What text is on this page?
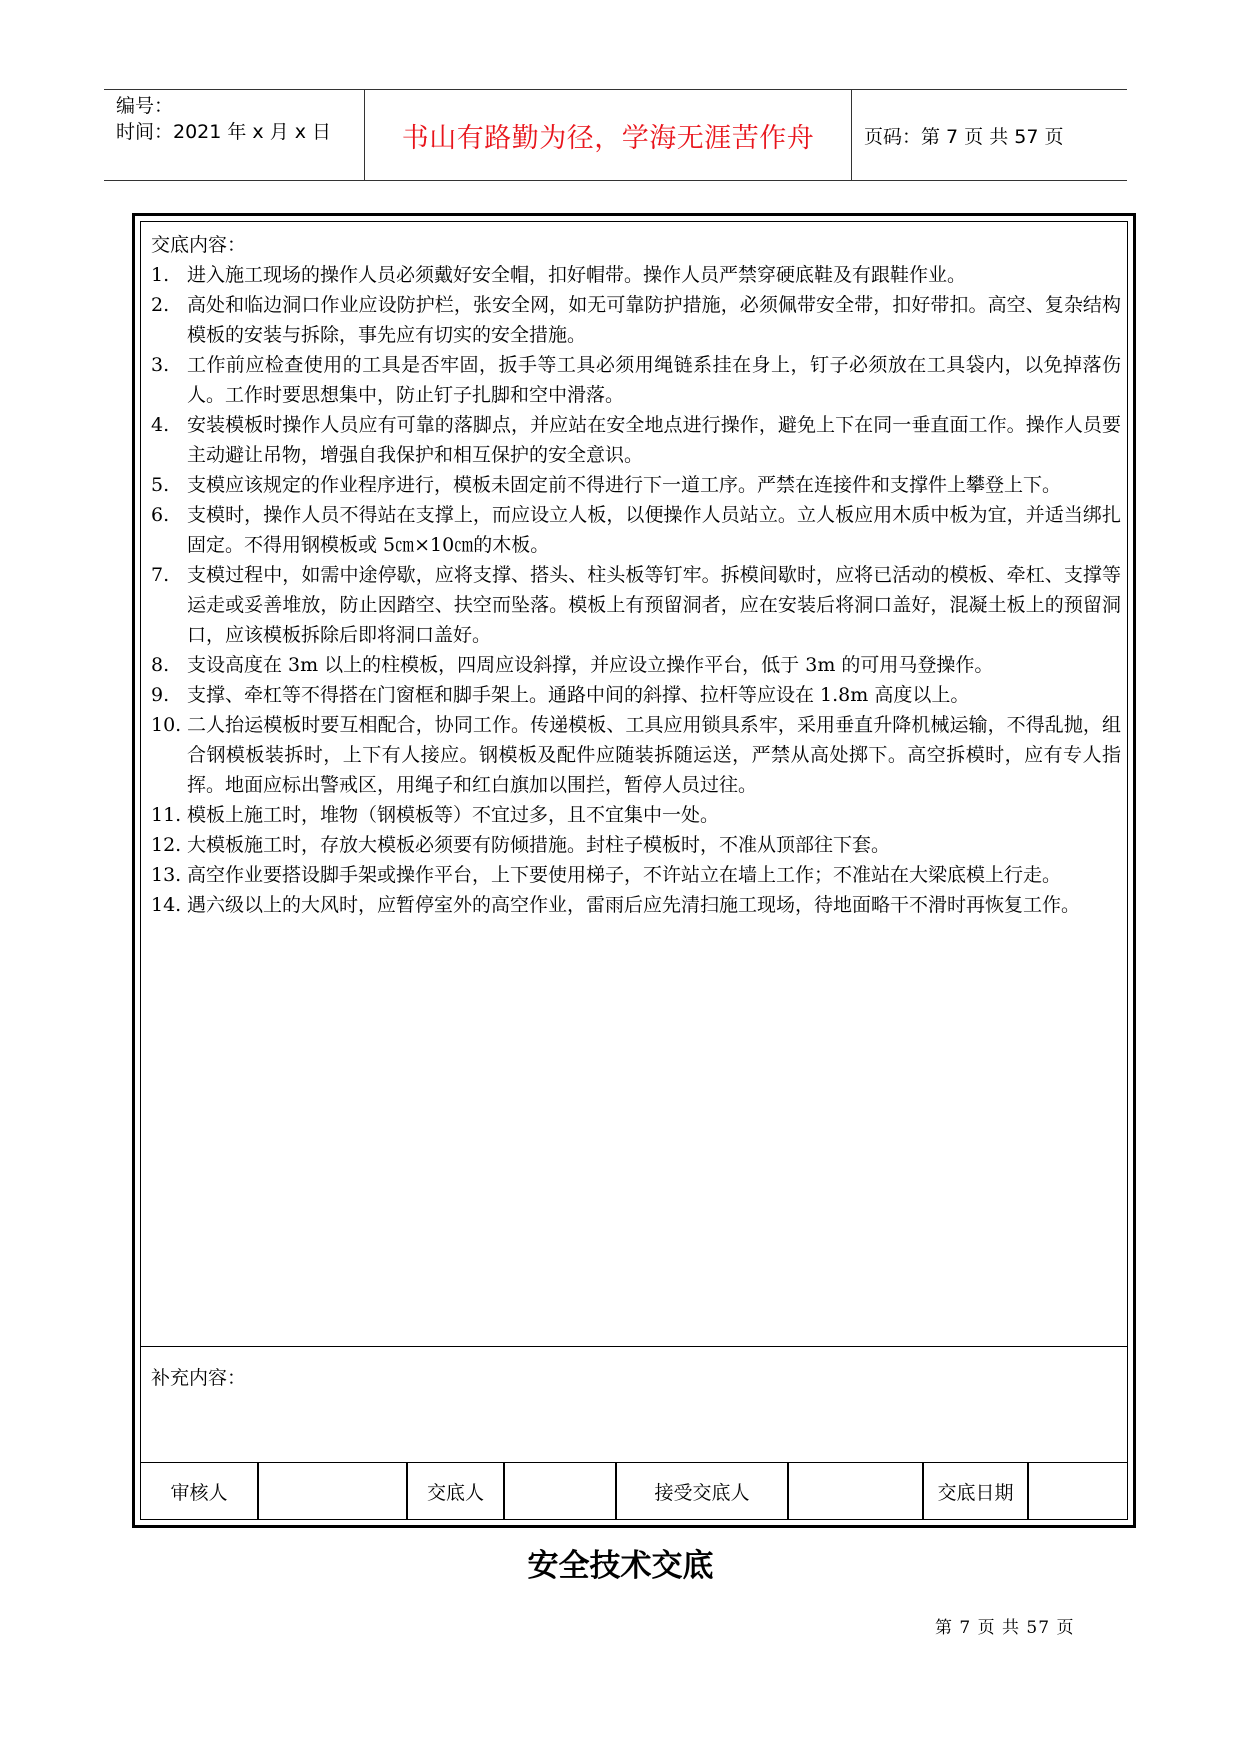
编号：
时间：2021 年 x 月 x 日	书山有路勤为径，学海无涯苦作舟	页码：第 7 页 共 57 页
交底内容：
1. 进入施工现场的操作人员必须戴好安全帽，扣好帽带。操作人员严禁穿硬底鞋及有跟鞋作业。
2. 高处和临边洞口作业应设防护栏，张安全网，如无可靠防护措施，必须佩带安全带，扣好带扣。高空、复杂结构模板的安装与拆除，事先应有切实的安全措施。
3. 工作前应检查使用的工具是否牢固，扳手等工具必须用绳链系挂在身上，钉子必须放在工具袋内，以免掉落伤人。工作时要思想集中，防止钉子扎脚和空中滑落。
4. 安装模板时操作人员应有可靠的落脚点，并应站在安全地点进行操作，避免上下在同一垂直面工作。操作人员要主动避让吊物，增强自我保护和相互保护的安全意识。
5. 支模应该规定的作业程序进行，模板未固定前不得进行下一道工序。严禁在连接件和支撑件上攀登上下。
6. 支模时，操作人员不得站在支撑上，而应设立人板，以便操作人员站立。立人板应用木质中板为宜，并适当绑扎固定。不得用钢模板或 5㎝×10㎝的木板。
7. 支模过程中，如需中途停歇，应将支撑、搭头、柱头板等钉牢。拆模间歇时，应将已活动的模板、牵杠、支撑等运走或妥善堆放，防止因踏空、扶空而坠落。模板上有预留洞者，应在安装后将洞口盖好，混凝土板上的预留洞口，应该模板拆除后即将洞口盖好。
8. 支设高度在 3m 以上的柱模板，四周应设斜撑，并应设立操作平台，低于 3m 的可用马登操作。
9. 支撑、牵杠等不得搭在门窗框和脚手架上。通路中间的斜撑、拉杆等应设在 1.8m 高度以上。
10. 二人抬运模板时要互相配合，协同工作。传递模板、工具应用锁具系牢，采用垂直升降机械运输，不得乱抛，组合钢模板装拆时，上下有人接应。钢模板及配件应随装拆随运送，严禁从高处掷下。高空拆模时，应有专人指挥。地面应标出警戒区，用绳子和红白旗加以围拦，暂停人员过往。
11. 模板上施工时，堆物（钢模板等）不宜过多，且不宜集中一处。
12. 大模板施工时，存放大模板必须要有防倾措施。封柱子模板时，不准从顶部往下套。
13. 高空作业要搭设脚手架或操作平台，上下要使用梯子，不许站立在墙上工作；不准站在大梁底模上行走。
14. 遇六级以上的大风时，应暂停室外的高空作业，雷雨后应先清扫施工现场，待地面略干不滑时再恢复工作。
补充内容：
审核人	交底人	接受交底人	交底日期
安全技术交底
第 7 页 共 57 页
